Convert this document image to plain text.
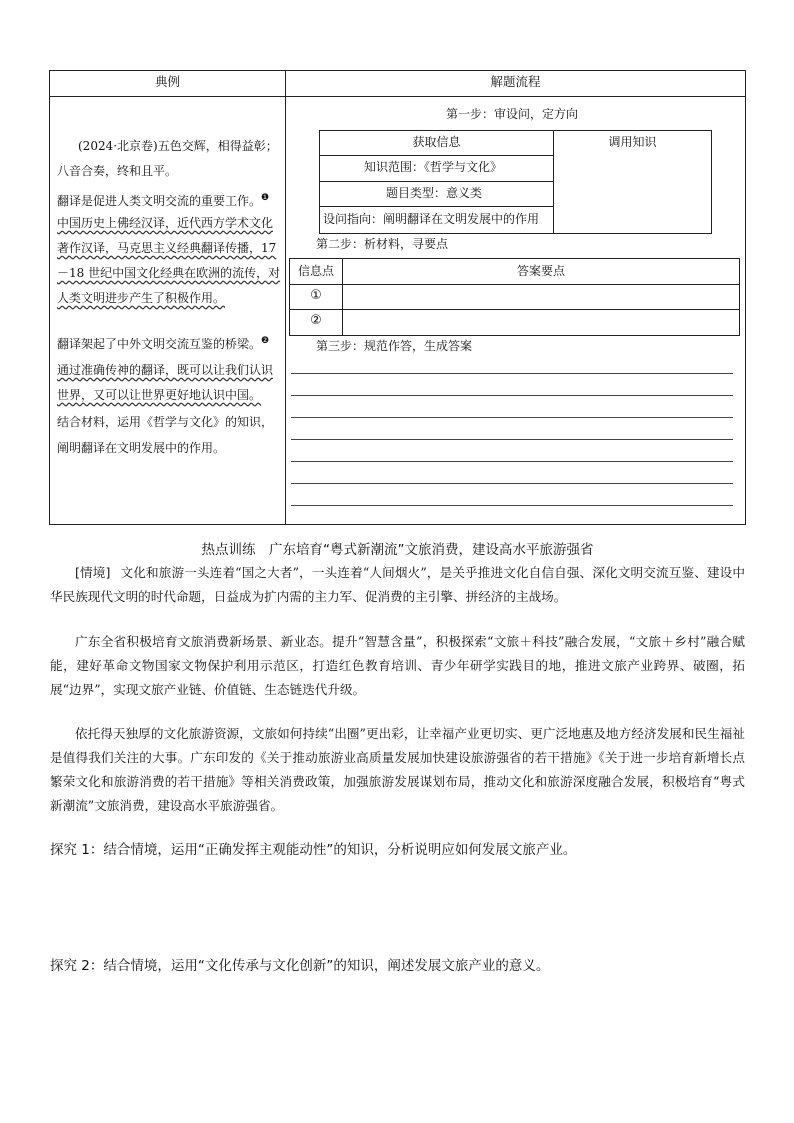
典例	解题流程
(2024·北京卷)五色交辉，相得益彰；
八音合奏，终和且平。
翻译是促进人类文明交流的重要工作。$^❶$
中国历史上佛经汉译，近代西方学术文化
著作汉译，马克思主义经典翻译传播，17
－18 世纪中国文化经典在欧洲的流传，对
人类文明进步产生了积极作用。
翻译架起了中外文明交流互鉴的桥梁。$^❷$
通过准确传神的翻译，既可以让我们认识
世界，又可以让世界更好地认识中国。
结合材料，运用《哲学与文化》的知识，
阐明翻译在文明发展中的作用。
第一步：审设问，定方向
获取信息	调用知识
知识范围：《哲学与文化》
题目类型：意义类
设问指向：阐明翻译在文明发展中的作用
第二步：析材料，寻要点
信息点	答案要点
①
②
第三步：规范作答，生成答案
热点训练　广东培育“粤式新潮流”文旅消费，建设高水平旅游强省
[情境] 文化和旅游一头连着“国之大者”，一头连着“人间烟火”，是关乎推进文化自信自强、深化文明交流互鉴、建设中华民族现代文明的时代命题，日益成为扩内需的主力军、促消费的主引擎、拼经济的主战场。
广东全省积极培育文旅消费新场景、新业态。提升“智慧含量”，积极探索“文旅＋科技”融合发展，“文旅＋乡村”融合赋能，建好革命文物国家文物保护利用示范区，打造红色教育培训、青少年研学实践目的地，推进文旅产业跨界、破圈，拓展“边界”，实现文旅产业链、价值链、生态链迭代升级。
依托得天独厚的文化旅游资源，文旅如何持续“出圈”更出彩，让幸福产业更切实、更广泛地惠及地方经济发展和民生福祉是值得我们关注的大事。广东印发的《关于推动旅游业高质量发展加快建设旅游强省的若干措施》《关于进一步培育新增长点繁荣文化和旅游消费的若干措施》等相关消费政策，加强旅游发展谋划布局，推动文化和旅游深度融合发展，积极培育“粤式新潮流”文旅消费，建设高水平旅游强省。
探究 1：结合情境，运用“正确发挥主观能动性”的知识，分析说明应如何发展文旅产业。
探究 2：结合情境，运用“文化传承与文化创新”的知识，阐述发展文旅产业的意义。
